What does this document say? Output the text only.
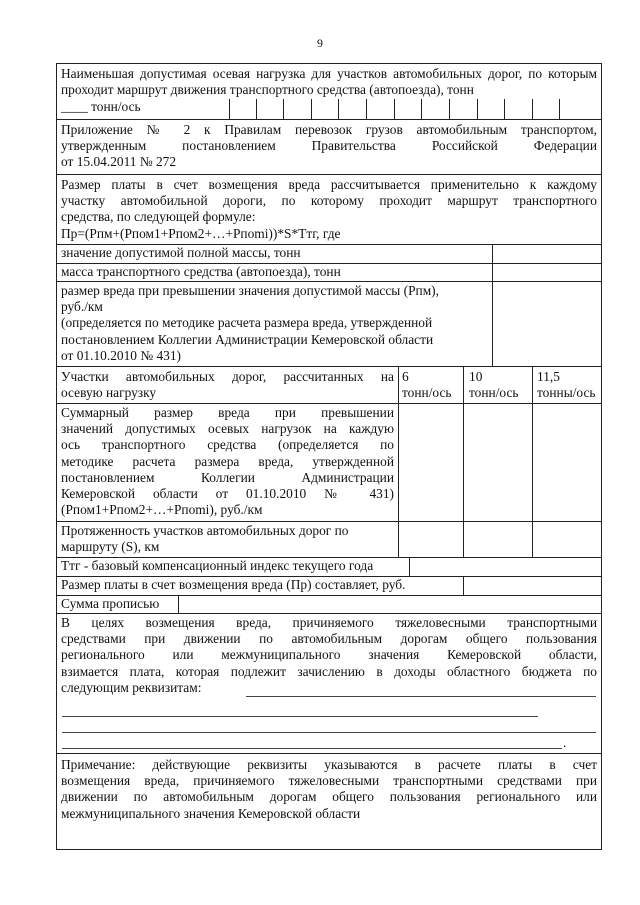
9
Наименьшая допустимая осевая нагрузка для участков автомобильных дорог, по которым проходит маршрут движения транспортного средства (автопоезда), тонн
____ тонн/ось
Приложение № 2 к Правилам перевозок грузов автомобильным транспортом,
утвержденным постановлением Правительства Российской Федерации
от 15.04.2011 № 272
Размер платы в счет возмещения вреда рассчитывается применительно к каждому
участку автомобильной дороги, по которому проходит маршрут транспортного
средства, по следующей формуле:
Пр=(Рпм+(Рпом1+Рпом2+…+Рпоmi))*S*Tтг, где
значение допустимой полной массы, тонн
масса транспортного средства (автопоезда), тонн
размер вреда при превышении значения допустимой массы (Рпм),
руб./км
(определяется по методике расчета размера вреда, утвержденной
постановлением Коллегии Администрации Кемеровской области
от 01.10.2010 № 431)
Участки автомобильных дорог, рассчитанных на
осевую нагрузку
6
тонн/ось
10
тонн/ось
11,5
тонны/ось
Суммарный размер вреда при превышении
значений допустимых осевых нагрузок на каждую
ось транспортного средства (определяется по
методике расчета размера вреда, утвержденной
постановлением Коллегии Администрации
Кемеровской области от 01.10.2010 № 431)
(Рпом1+Рпом2+…+Рпоmi), руб./км
Протяженность участков автомобильных дорог по
маршруту (S), км
Tтг - базовый компенсационный индекс текущего года
Размер платы в счет возмещения вреда (Пр) составляет, руб.
Сумма прописью
В целях возмещения вреда, причиняемого тяжеловесными транспортными
средствами при движении по автомобильным дорогам общего пользования
регионального или межмуниципального значения Кемеровской области,
взимается плата, которая подлежит зачислению в доходы областного бюджета по
следующим реквизитам:
.
Примечание: действующие реквизиты указываются в расчете платы в счет
возмещения вреда, причиняемого тяжеловесными транспортными средствами при
движении по автомобильным дорогам общего пользования регионального или
межмуниципального значения Кемеровской области
